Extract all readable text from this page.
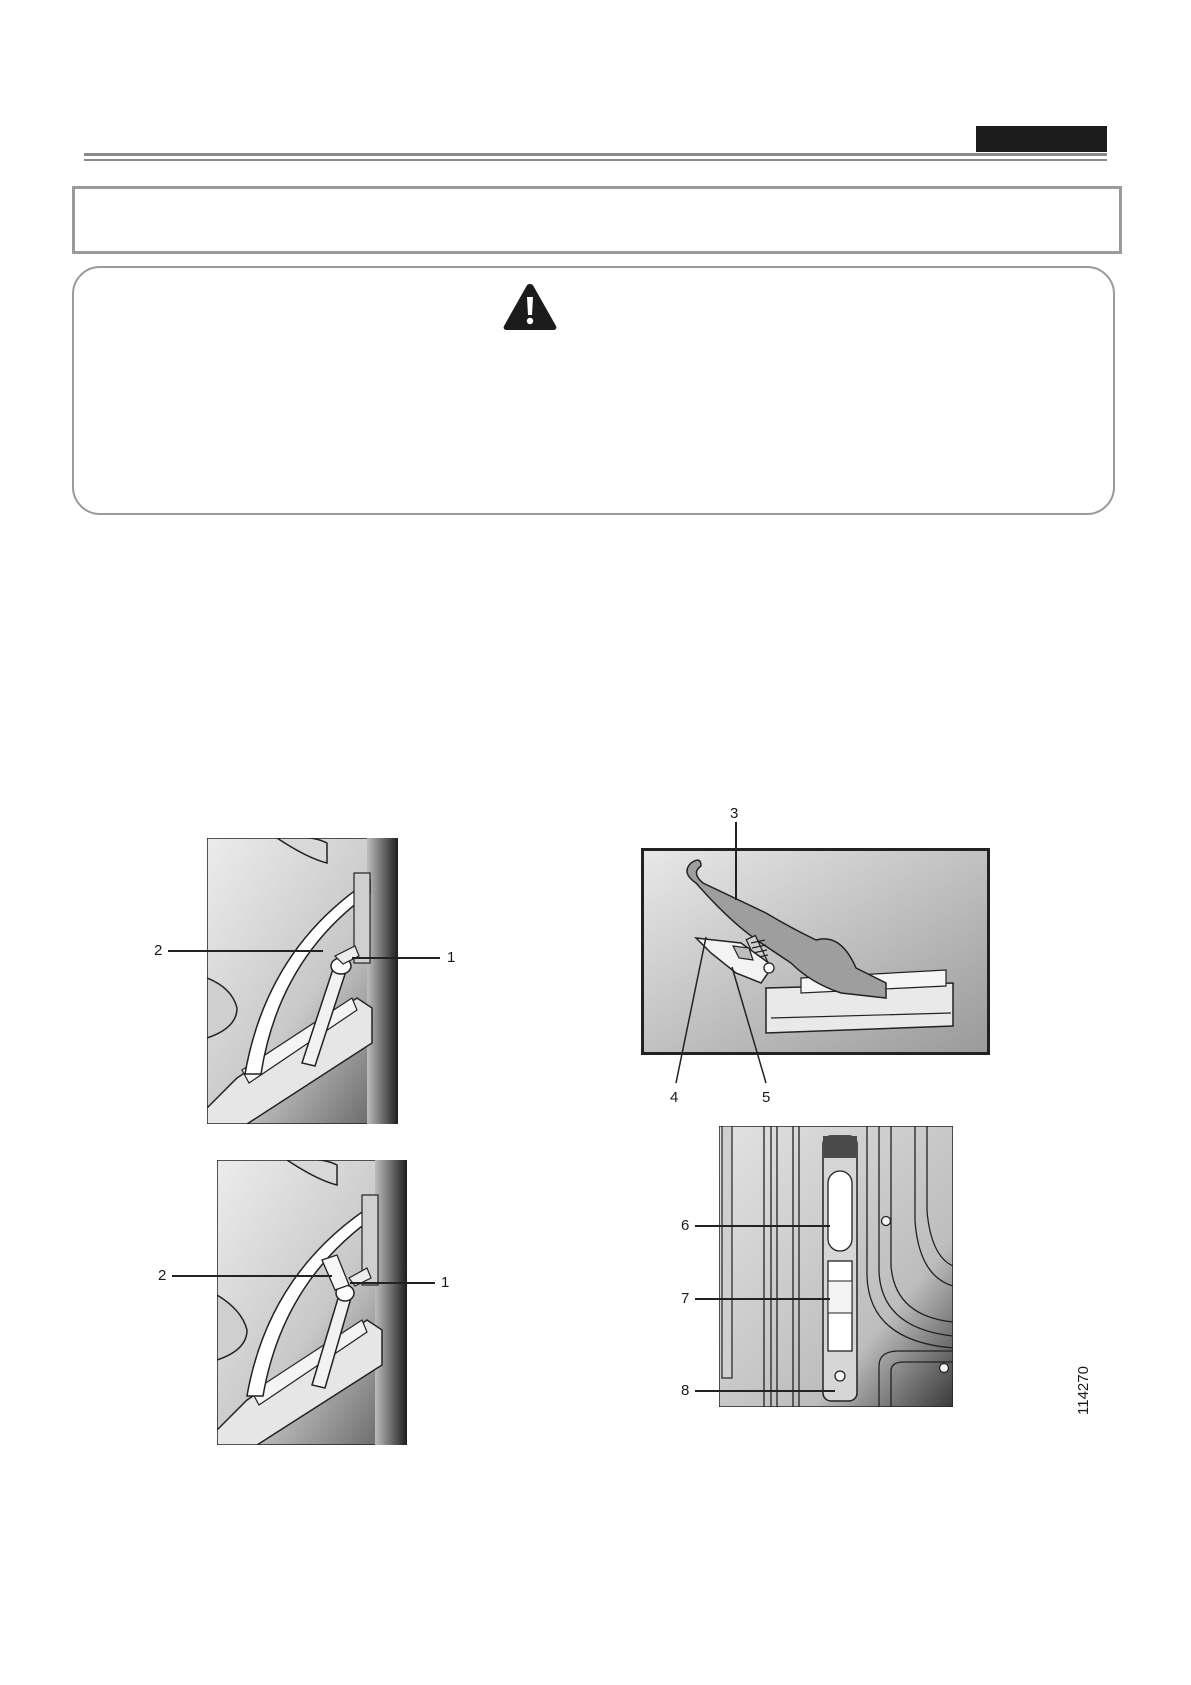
2	1
2	1
3
4	5
6
7
8	114270
